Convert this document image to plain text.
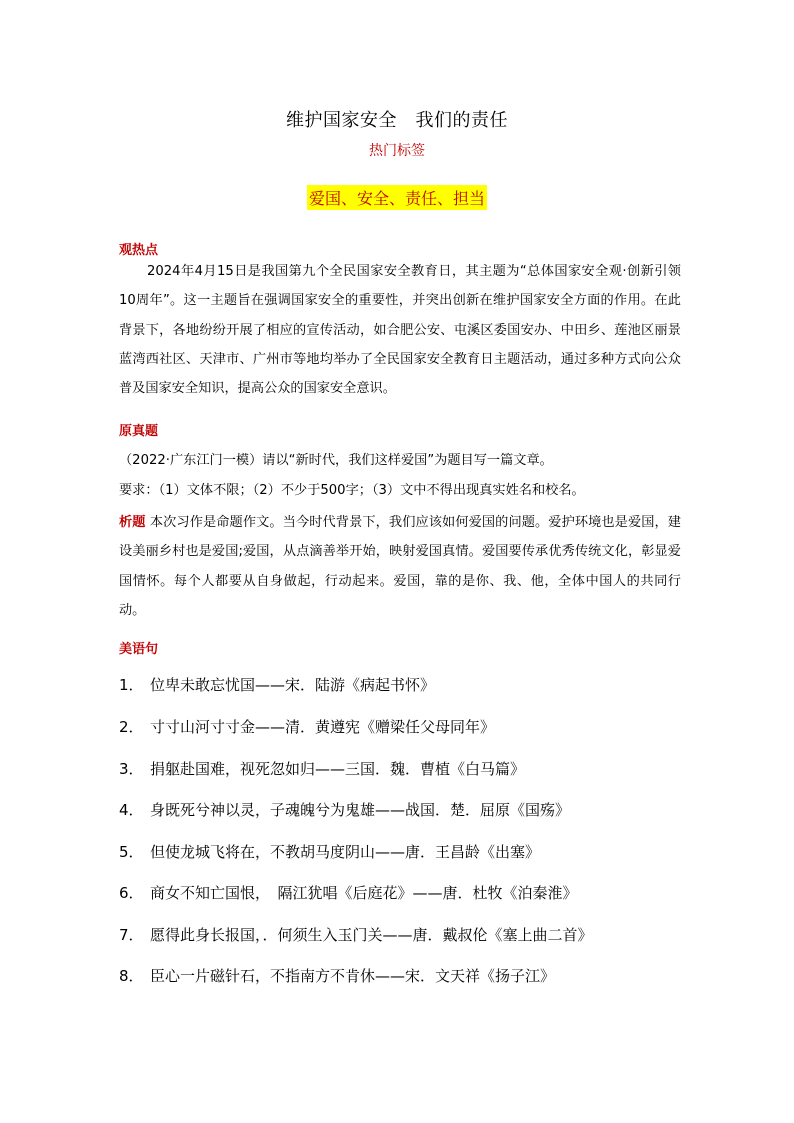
维护国家安全　我们的责任
热门标签
爱国、安全、责任、担当
观热点
2024年4月15日是我国第九个全民国家安全教育日，其主题为“总体国家安全观·创新引领10周年”。这一主题旨在强调国家安全的重要性，并突出创新在维护国家安全方面的作用。在此背景下，各地纷纷开展了相应的宣传活动，如合肥公安、屯溪区委国安办、中田乡、莲池区丽景蓝湾西社区、天津市、广州市等地均举办了全民国家安全教育日主题活动，通过多种方式向公众普及国家安全知识，提高公众的国家安全意识。
原真题
（2022·广东江门一模）请以“新时代，我们这样爱国”为题目写一篇文章。
要求：（1）文体不限；（2）不少于500字；（3）文中不得出现真实姓名和校名。
析题 本次习作是命题作文。当今时代背景下，我们应该如何爱国的问题。爱护环境也是爱国，建设美丽乡村也是爱国;爱国，从点滴善举开始，映射爱国真情。爱国要传承优秀传统文化，彰显爱国情怀。每个人都要从自身做起，行动起来。爱国，靠的是你、我、他，全体中国人的共同行动。
美语句
1． 位卑未敢忘忧国——宋．陆游《病起书怀》
2． 寸寸山河寸寸金——清．黄遵宪《赠梁任父母同年》
3． 捐躯赴国难，视死忽如归——三国．魏．曹植《白马篇》
4． 身既死兮神以灵，子魂魄兮为鬼雄——战国．楚．屈原《国殇》
5． 但使龙城飞将在，不教胡马度阴山——唐．王昌龄《出塞》
6． 商女不知亡国恨，　隔江犹唱《后庭花》——唐．杜牧《泊秦淮》
7． 愿得此身长报国，．何须生入玉门关——唐．戴叔伦《塞上曲二首》
8． 臣心一片磁针石，不指南方不肯休——宋．文天祥《扬子江》
